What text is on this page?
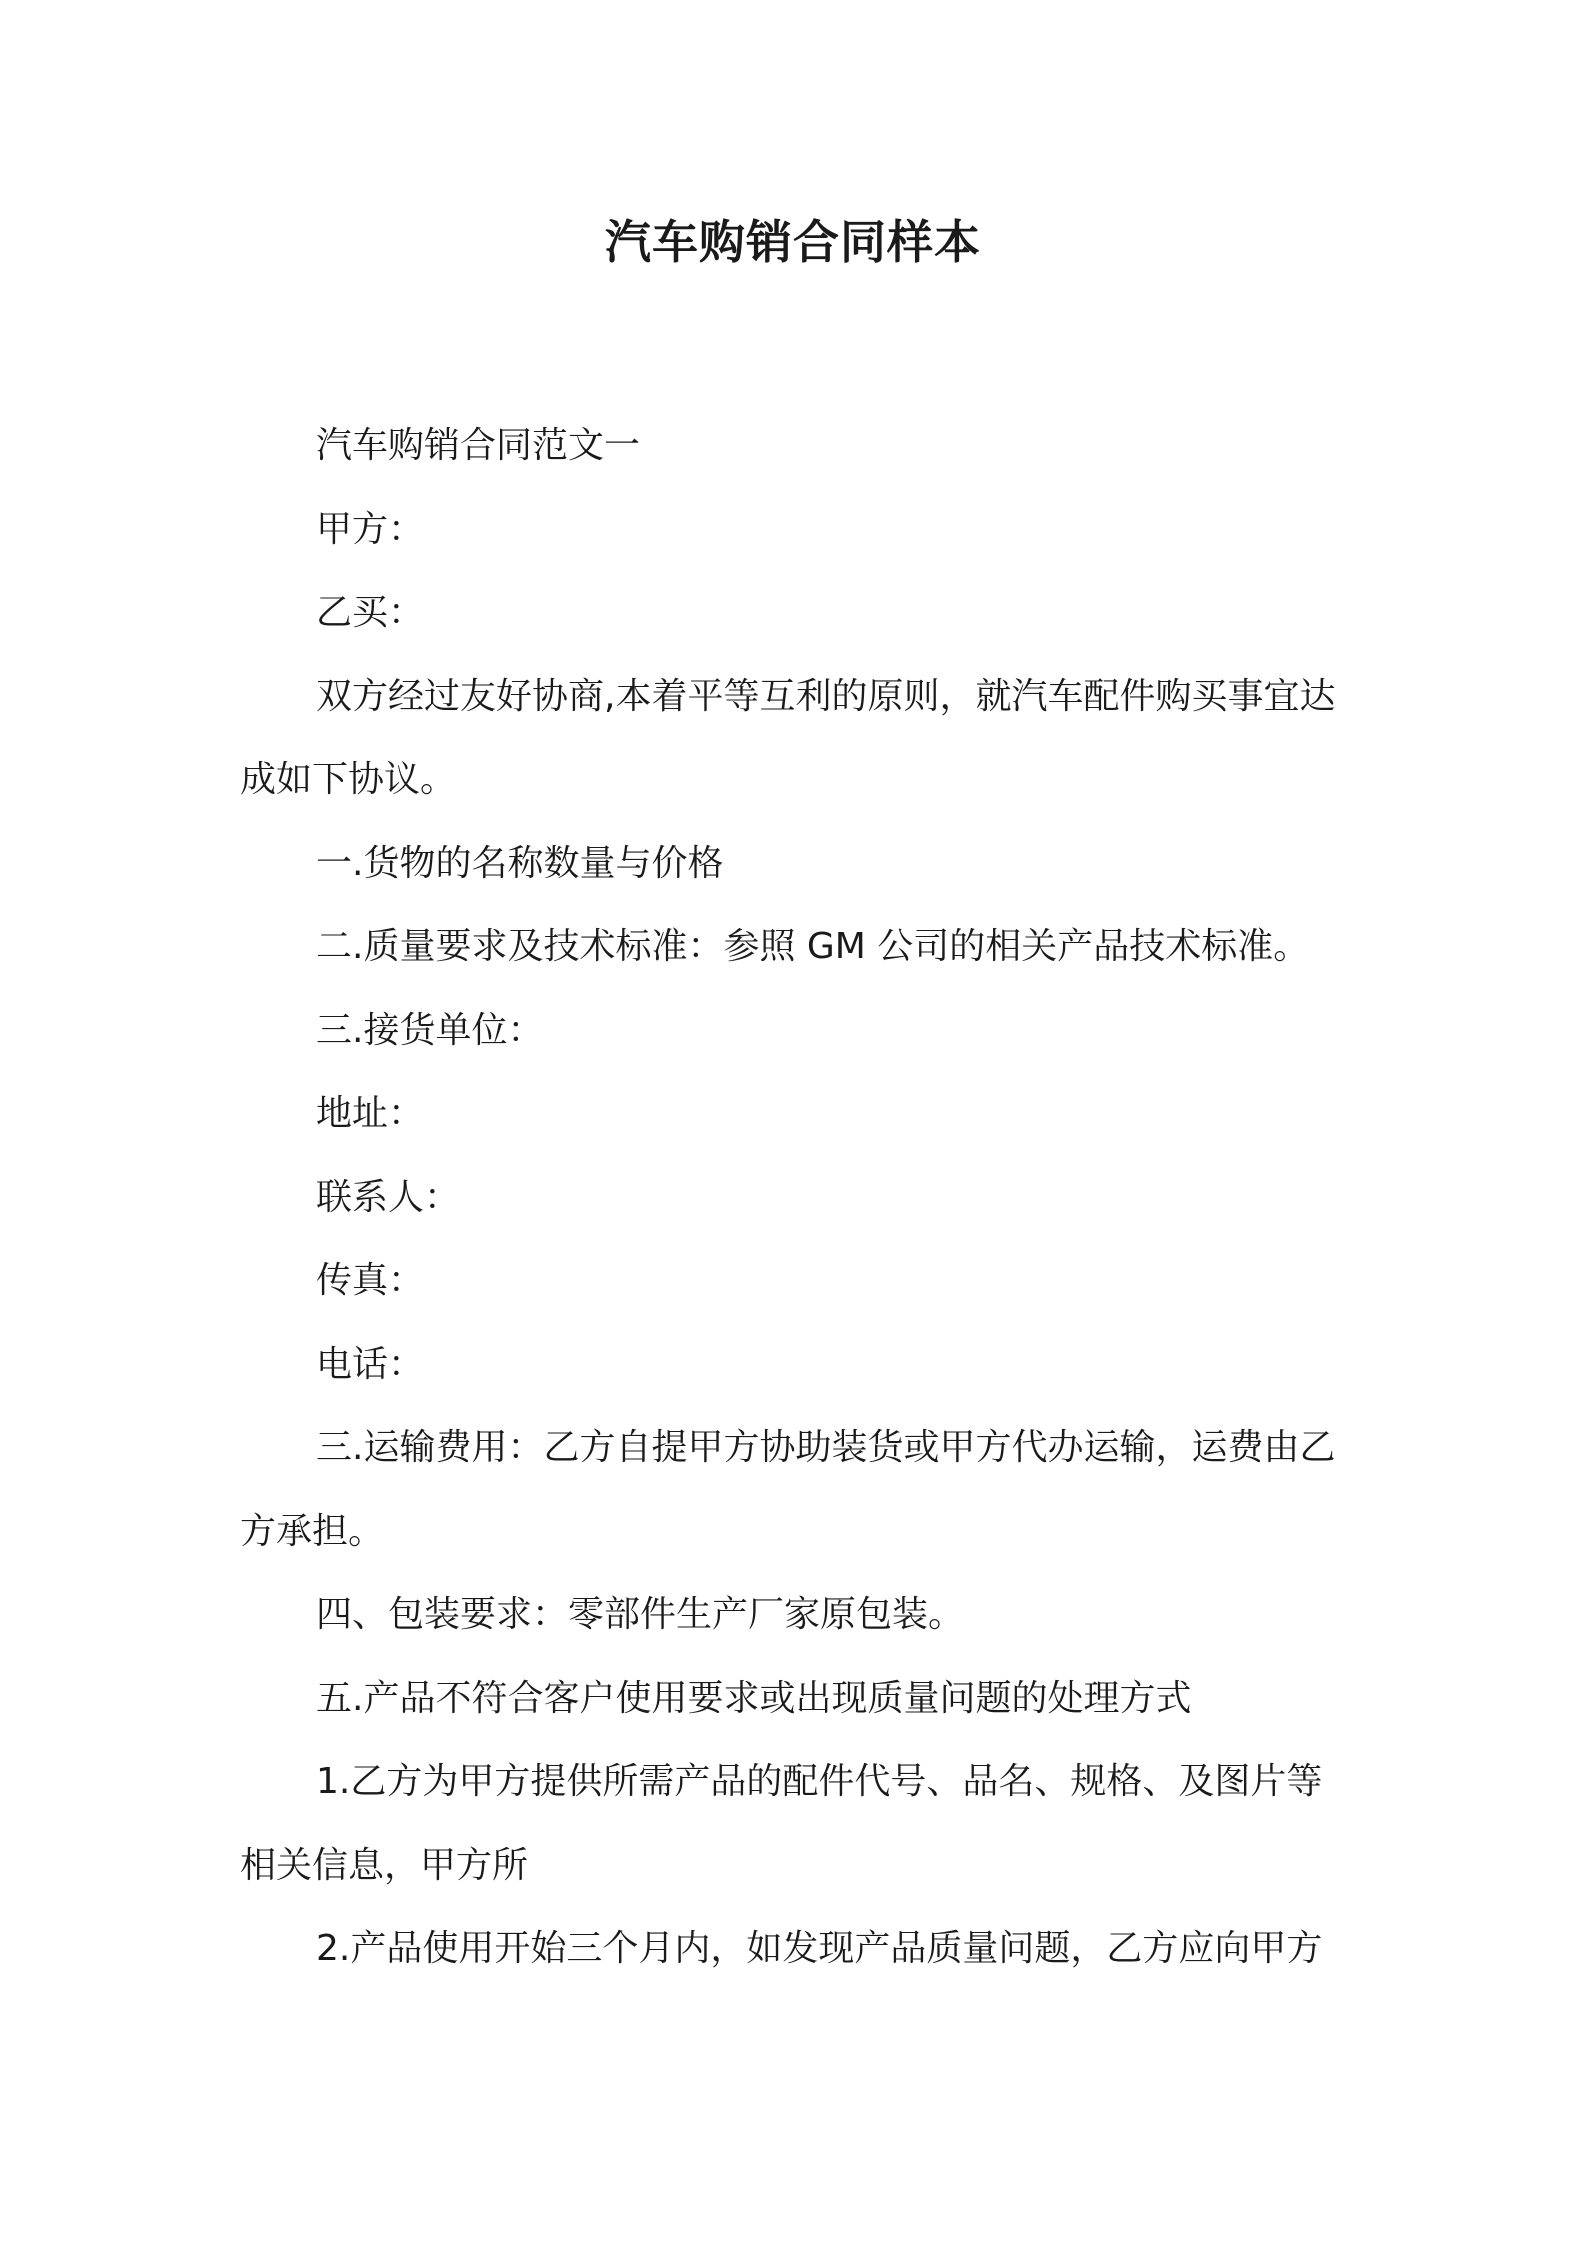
汽车购销合同样本

汽车购销合同范文一

甲方：

乙买：

双方经过友好协商,本着平等互利的原则，就汽车配件购买事宜达成如下协议。

一.货物的名称数量与价格

二.质量要求及技术标准：参照 GM 公司的相关产品技术标准。

三.接货单位：

地址：

联系人：

传真：

电话：

三.运输费用：乙方自提甲方协助装货或甲方代办运输，运费由乙方承担。

四、包装要求：零部件生产厂家原包装。

五.产品不符合客户使用要求或出现质量问题的处理方式

1.乙方为甲方提供所需产品的配件代号、品名、规格、及图片等相关信息，甲方所

2.产品使用开始三个月内，如发现产品质量问题，乙方应向甲方
